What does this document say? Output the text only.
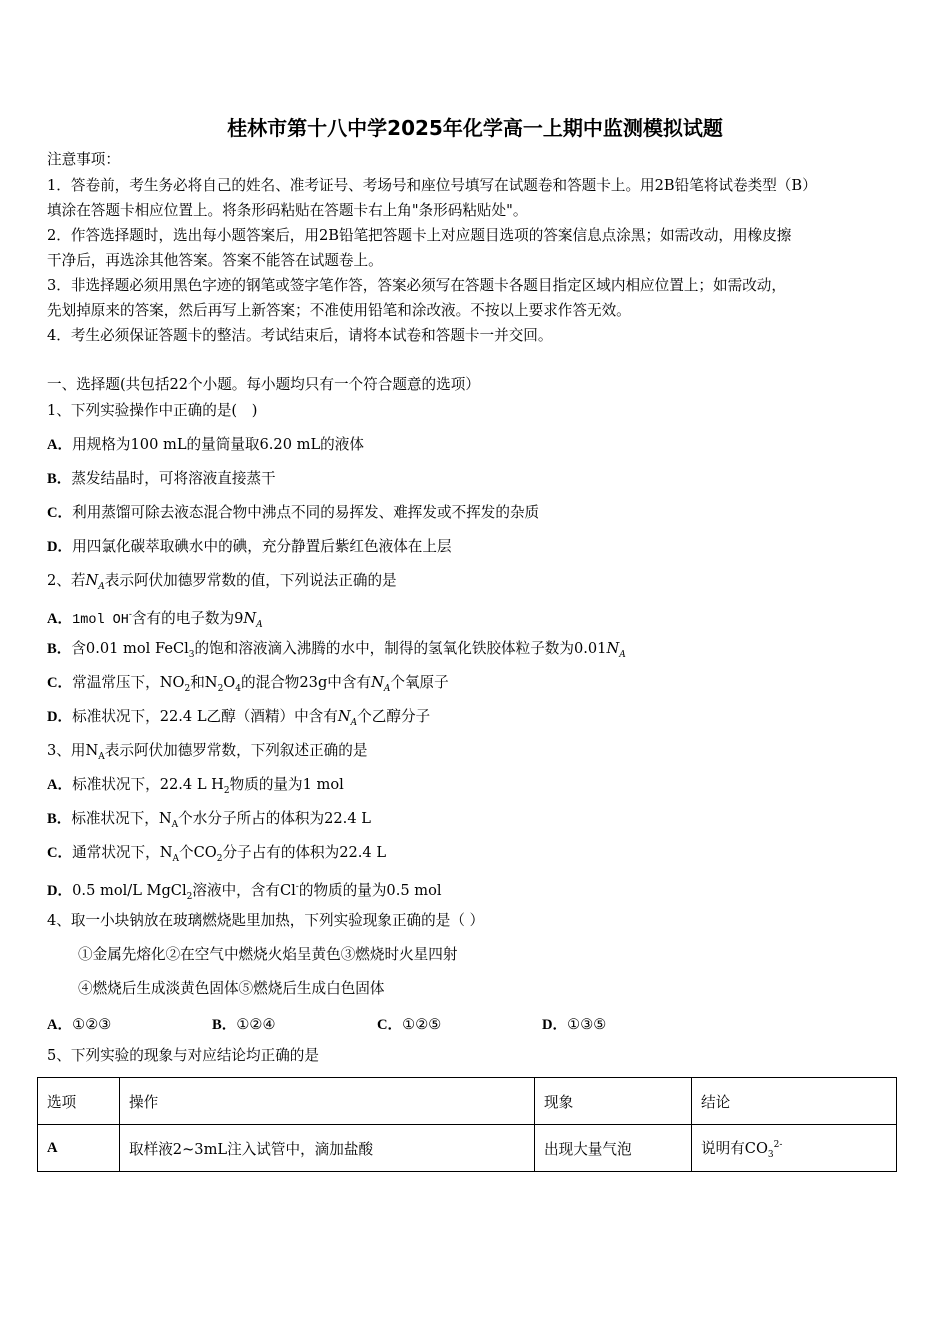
桂林市第十八中学2025年化学高一上期中监测模拟试题
注意事项：
1．答卷前，考生务必将自己的姓名、准考证号、考场号和座位号填写在试题卷和答题卡上。用2B铅笔将试卷类型（B）
填涂在答题卡相应位置上。将条形码粘贴在答题卡右上角"条形码粘贴处"。
2．作答选择题时，选出每小题答案后，用2B铅笔把答题卡上对应题目选项的答案信息点涂黑；如需改动，用橡皮擦
干净后，再选涂其他答案。答案不能答在试题卷上。
3．非选择题必须用黑色字迹的钢笔或签字笔作答，答案必须写在答题卡各题目指定区域内相应位置上；如需改动，
先划掉原来的答案，然后再写上新答案；不准使用铅笔和涂改液。不按以上要求作答无效。
4．考生必须保证答题卡的整洁。考试结束后，请将本试卷和答题卡一并交回。
一、选择题(共包括22个小题。每小题均只有一个符合题意的选项）
1、下列实验操作中正确的是(　)
A．用规格为100 mL的量筒量取6.20 mL的液体
B．蒸发结晶时，可将溶液直接蒸干
C．利用蒸馏可除去液态混合物中沸点不同的易挥发、难挥发或不挥发的杂质
D．用四氯化碳萃取碘水中的碘，充分静置后紫红色液体在上层
2、若$N_A$表示阿伏加德罗常数的值，下列说法正确的是
A．1mol OH-含有的电子数为$9N_A$
B．含0.01 mol FeCl$_3$的饱和溶液滴入沸腾的水中，制得的氢氧化铁胶体粒子数为$0.01N_A$
C．常温常压下，$NO_2$和$N_2O_4$的混合物23g中含有$N_A$个氧原子
D．标准状况下，22.4 L乙醇（酒精）中含有$N_A$个乙醇分子
3、用$N_A$表示阿伏加德罗常数，下列叙述正确的是
A．标准状况下，22.4 L $H_2$物质的量为1 mol
B．标准状况下，$N_A$个水分子所占的体积为22.4 L
C．通常状况下，$N_A$个$CO_2$分子占有的体积为22.4 L
D．0.5 mol/L MgCl$_2$溶液中，含有Cl-的物质的量为0.5 mol
4、取一小块钠放在玻璃燃烧匙里加热，下列实验现象正确的是（ ）
①金属先熔化②在空气中燃烧火焰呈黄色③燃烧时火星四射
④燃烧后生成淡黄色固体⑤燃烧后生成白色固体
A．①②③	B．①②④	C．①②⑤	D．①③⑤
5、下列实验的现象与对应结论均正确的是
选项	操作	现象	结论
A	取样液2~3mL注入试管中，滴加盐酸	出现大量气泡	说明有$CO_3^{2-}$
